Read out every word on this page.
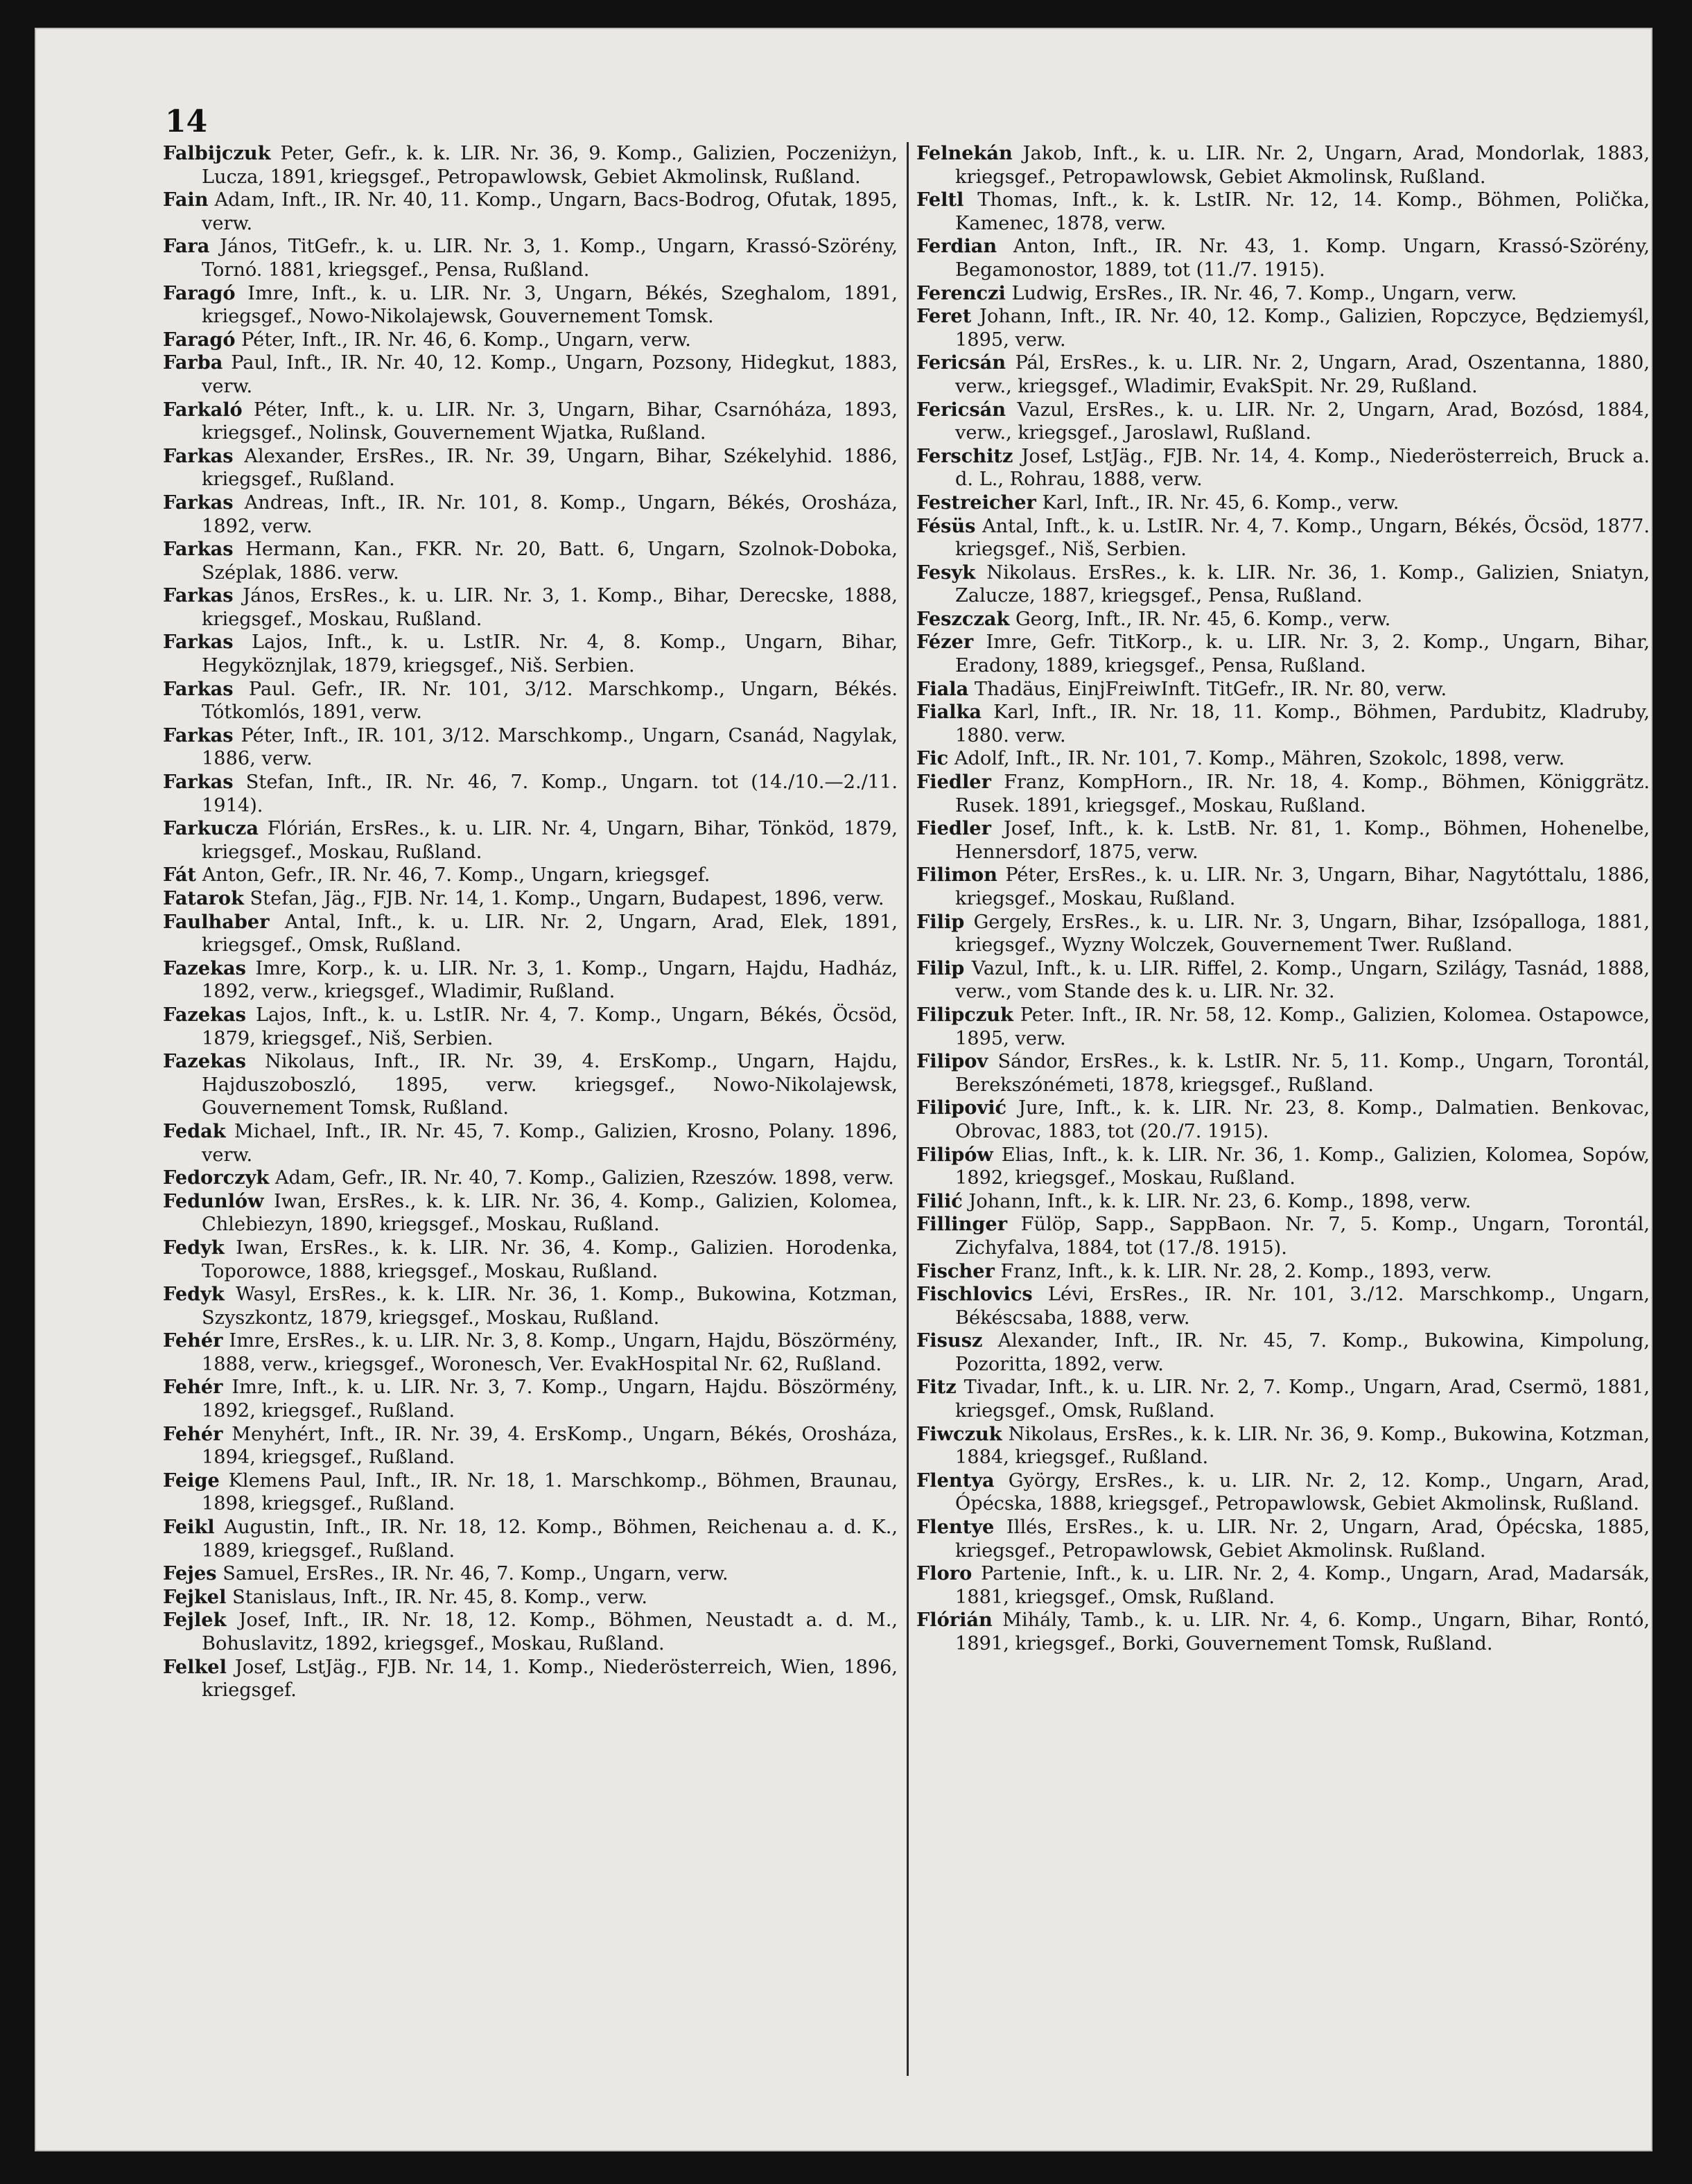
14

Falbijczuk Peter, Gefr., k. k. LIR. Nr. 36, 9. Komp., Galizien, Poczeniżyn, Lucza, 1891, kriegsgef., Petropawlowsk, Gebiet Akmolinsk, Rußland.

Fain Adam, Inft., IR. Nr. 40, 11. Komp., Ungarn, Bacs-Bodrog, Ofutak, 1895, verw.

Fara János, TitGefr., k. u. LIR. Nr. 3, 1. Komp., Ungarn, Krassó-Szörény, Tornó. 1881, kriegsgef., Pensa, Rußland.

Faragó Imre, Inft., k. u. LIR. Nr. 3, Ungarn, Békés, Szeghalom, 1891, kriegsgef., Nowo-Nikolajewsk, Gouvernement Tomsk.

Faragó Péter, Inft., IR. Nr. 46, 6. Komp., Ungarn, verw.

Farba Paul, Inft., IR. Nr. 40, 12. Komp., Ungarn, Pozsony, Hidegkut, 1883, verw.

Farkaló Péter, Inft., k. u. LIR. Nr. 3, Ungarn, Bihar, Csarnóháza, 1893, kriegsgef., Nolinsk, Gouvernement Wjatka, Rußland.

Farkas Alexander, ErsRes., IR. Nr. 39, Ungarn, Bihar, Székelyhid. 1886, kriegsgef., Rußland.

Farkas Andreas, Inft., IR. Nr. 101, 8. Komp., Ungarn, Békés, Orosháza, 1892, verw.

Farkas Hermann, Kan., FKR. Nr. 20, Batt. 6, Ungarn, Szolnok-Doboka, Széplak, 1886. verw.

Farkas János, ErsRes., k. u. LIR. Nr. 3, 1. Komp., Bihar, Derecske, 1888, kriegsgef., Moskau, Rußland.

Farkas Lajos, Inft., k. u. LstIR. Nr. 4, 8. Komp., Ungarn, Bihar, Hegyköznjlak, 1879, kriegsgef., Niš. Serbien.

Farkas Paul. Gefr., IR. Nr. 101, 3/12. Marschkomp., Ungarn, Békés. Tótkomlós, 1891, verw.

Farkas Péter, Inft., IR. 101, 3/12. Marschkomp., Ungarn, Csanád, Nagylak, 1886, verw.

Farkas Stefan, Inft., IR. Nr. 46, 7. Komp., Ungarn. tot (14./10.—2./11. 1914).

Farkucza Flórián, ErsRes., k. u. LIR. Nr. 4, Ungarn, Bihar, Tönköd, 1879, kriegsgef., Moskau, Rußland.

Fát Anton, Gefr., IR. Nr. 46, 7. Komp., Ungarn, kriegsgef.

Fatarok Stefan, Jäg., FJB. Nr. 14, 1. Komp., Ungarn, Budapest, 1896, verw.

Faulhaber Antal, Inft., k. u. LIR. Nr. 2, Ungarn, Arad, Elek, 1891, kriegsgef., Omsk, Rußland.

Fazekas Imre, Korp., k. u. LIR. Nr. 3, 1. Komp., Ungarn, Hajdu, Hadház, 1892, verw., kriegsgef., Wladimir, Rußland.

Fazekas Lajos, Inft., k. u. LstIR. Nr. 4, 7. Komp., Ungarn, Békés, Öcsöd, 1879, kriegsgef., Niš, Serbien.

Fazekas Nikolaus, Inft., IR. Nr. 39, 4. ErsKomp., Ungarn, Hajdu, Hajduszoboszló, 1895, verw. kriegsgef., Nowo-Nikolajewsk, Gouvernement Tomsk, Rußland.

Fedak Michael, Inft., IR. Nr. 45, 7. Komp., Galizien, Krosno, Polany. 1896, verw.

Fedorczyk Adam, Gefr., IR. Nr. 40, 7. Komp., Galizien, Rzeszów. 1898, verw.

Fedunlów Iwan, ErsRes., k. k. LIR. Nr. 36, 4. Komp., Galizien, Kolomea, Chlebiezyn, 1890, kriegsgef., Moskau, Rußland.

Fedyk Iwan, ErsRes., k. k. LIR. Nr. 36, 4. Komp., Galizien. Horodenka, Toporowce, 1888, kriegsgef., Moskau, Rußland.

Fedyk Wasyl, ErsRes., k. k. LIR. Nr. 36, 1. Komp., Bukowina, Kotzman, Szyszkontz, 1879, kriegsgef., Moskau, Rußland.

Fehér Imre, ErsRes., k. u. LIR. Nr. 3, 8. Komp., Ungarn, Hajdu, Böszörmény, 1888, verw., kriegsgef., Woronesch, Ver. EvakHospital Nr. 62, Rußland.

Fehér Imre, Inft., k. u. LIR. Nr. 3, 7. Komp., Ungarn, Hajdu. Böszörmény, 1892, kriegsgef., Rußland.

Fehér Menyhért, Inft., IR. Nr. 39, 4. ErsKomp., Ungarn, Békés, Orosháza, 1894, kriegsgef., Rußland.

Feige Klemens Paul, Inft., IR. Nr. 18, 1. Marschkomp., Böhmen, Braunau, 1898, kriegsgef., Rußland.

Feikl Augustin, Inft., IR. Nr. 18, 12. Komp., Böhmen, Reichenau a. d. K., 1889, kriegsgef., Rußland.

Fejes Samuel, ErsRes., IR. Nr. 46, 7. Komp., Ungarn, verw.

Fejkel Stanislaus, Inft., IR. Nr. 45, 8. Komp., verw.

Fejlek Josef, Inft., IR. Nr. 18, 12. Komp., Böhmen, Neustadt a. d. M., Bohuslavitz, 1892, kriegsgef., Moskau, Rußland.

Felkel Josef, LstJäg., FJB. Nr. 14, 1. Komp., Niederösterreich, Wien, 1896, kriegsgef.

Felnekán Jakob, Inft., k. u. LIR. Nr. 2, Ungarn, Arad, Mondorlak, 1883, kriegsgef., Petropawlowsk, Gebiet Akmolinsk, Rußland.

Feltl Thomas, Inft., k. k. LstIR. Nr. 12, 14. Komp., Böhmen, Polička, Kamenec, 1878, verw.

Ferdian Anton, Inft., IR. Nr. 43, 1. Komp. Ungarn, Krassó-Szörény, Begamonostor, 1889, tot (11./7. 1915).

Ferenczi Ludwig, ErsRes., IR. Nr. 46, 7. Komp., Ungarn, verw.

Feret Johann, Inft., IR. Nr. 40, 12. Komp., Galizien, Ropczyce, Będziemyśl, 1895, verw.

Fericsán Pál, ErsRes., k. u. LIR. Nr. 2, Ungarn, Arad, Oszentanna, 1880, verw., kriegsgef., Wladimir, EvakSpit. Nr. 29, Rußland.

Fericsán Vazul, ErsRes., k. u. LIR. Nr. 2, Ungarn, Arad, Bozósd, 1884, verw., kriegsgef., Jaroslawl, Rußland.

Ferschitz Josef, LstJäg., FJB. Nr. 14, 4. Komp., Niederösterreich, Bruck a. d. L., Rohrau, 1888, verw.

Festreicher Karl, Inft., IR. Nr. 45, 6. Komp., verw.

Fésüs Antal, Inft., k. u. LstIR. Nr. 4, 7. Komp., Ungarn, Békés, Öcsöd, 1877. kriegsgef., Niš, Serbien.

Fesyk Nikolaus. ErsRes., k. k. LIR. Nr. 36, 1. Komp., Galizien, Sniatyn, Zalucze, 1887, kriegsgef., Pensa, Rußland.

Feszczak Georg, Inft., IR. Nr. 45, 6. Komp., verw.

Fézer Imre, Gefr. TitKorp., k. u. LIR. Nr. 3, 2. Komp., Ungarn, Bihar, Eradony, 1889, kriegsgef., Pensa, Rußland.

Fiala Thadäus, EinjFreiwInft. TitGefr., IR. Nr. 80, verw.

Fialka Karl, Inft., IR. Nr. 18, 11. Komp., Böhmen, Pardubitz, Kladruby, 1880. verw.

Fic Adolf, Inft., IR. Nr. 101, 7. Komp., Mähren, Szokolc, 1898, verw.

Fiedler Franz, KompHorn., IR. Nr. 18, 4. Komp., Böhmen, Königgrätz. Rusek. 1891, kriegsgef., Moskau, Rußland.

Fiedler Josef, Inft., k. k. LstB. Nr. 81, 1. Komp., Böhmen, Hohenelbe, Hennersdorf, 1875, verw.

Filimon Péter, ErsRes., k. u. LIR. Nr. 3, Ungarn, Bihar, Nagytóttalu, 1886, kriegsgef., Moskau, Rußland.

Filip Gergely, ErsRes., k. u. LIR. Nr. 3, Ungarn, Bihar, Izsópalloga, 1881, kriegsgef., Wyzny Wolczek, Gouvernement Twer. Rußland.

Filip Vazul, Inft., k. u. LIR. Riffel, 2. Komp., Ungarn, Szilágy, Tasnád, 1888, verw., vom Stande des k. u. LIR. Nr. 32.

Filipczuk Peter. Inft., IR. Nr. 58, 12. Komp., Galizien, Kolomea. Ostapowce, 1895, verw.

Filipov Sándor, ErsRes., k. k. LstIR. Nr. 5, 11. Komp., Ungarn, Torontál, Berekszónémeti, 1878, kriegsgef., Rußland.

Filipović Jure, Inft., k. k. LIR. Nr. 23, 8. Komp., Dalmatien. Benkovac, Obrovac, 1883, tot (20./7. 1915).

Filipów Elias, Inft., k. k. LIR. Nr. 36, 1. Komp., Galizien, Kolomea, Sopów, 1892, kriegsgef., Moskau, Rußland.

Filić Johann, Inft., k. k. LIR. Nr. 23, 6. Komp., 1898, verw.

Fillinger Fülöp, Sapp., SappBaon. Nr. 7, 5. Komp., Ungarn, Torontál, Zichyfalva, 1884, tot (17./8. 1915).

Fischer Franz, Inft., k. k. LIR. Nr. 28, 2. Komp., 1893, verw.

Fischlovics Lévi, ErsRes., IR. Nr. 101, 3./12. Marschkomp., Ungarn, Békéscsaba, 1888, verw.

Fisusz Alexander, Inft., IR. Nr. 45, 7. Komp., Bukowina, Kimpolung, Pozoritta, 1892, verw.

Fitz Tivadar, Inft., k. u. LIR. Nr. 2, 7. Komp., Ungarn, Arad, Csermö, 1881, kriegsgef., Omsk, Rußland.

Fiwczuk Nikolaus, ErsRes., k. k. LIR. Nr. 36, 9. Komp., Bukowina, Kotzman, 1884, kriegsgef., Rußland.

Flentya György, ErsRes., k. u. LIR. Nr. 2, 12. Komp., Ungarn, Arad, Ópécska, 1888, kriegsgef., Petropawlowsk, Gebiet Akmolinsk, Rußland.

Flentye Illés, ErsRes., k. u. LIR. Nr. 2, Ungarn, Arad, Ópécska, 1885, kriegsgef., Petropawlowsk, Gebiet Akmolinsk. Rußland.

Floro Partenie, Inft., k. u. LIR. Nr. 2, 4. Komp., Ungarn, Arad, Madarsák, 1881, kriegsgef., Omsk, Rußland.

Flórián Mihály, Tamb., k. u. LIR. Nr. 4, 6. Komp., Ungarn, Bihar, Rontó, 1891, kriegsgef., Borki, Gouvernement Tomsk, Rußland.
